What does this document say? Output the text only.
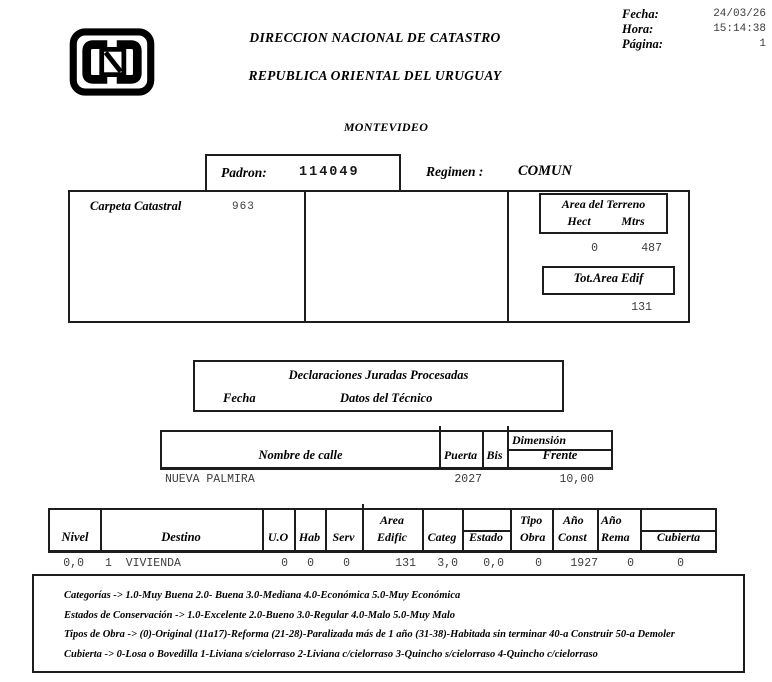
DIRECCION NACIONAL DE CATASTRO
REPUBLICA ORIENTAL DEL URUGUAY
Fecha:	24/03/26
Hora:	15:14:38
Página:	1
MONTEVIDEO
Padron: 114049	Regimen : COMUN
Carpeta Catastral	963	Area del Terreno
Hect	Mtrs
0	487
Tot.Area Edif
131
Declaraciones Juradas Procesadas
Fecha	Datos del Técnico
Nombre de calle	Puerta Bis
Dimensión
Frente
NUEVA PALMIRA	2027	10,00
Nivel	Destino	U.O Hab	Serv
Area
Edific	Categ	Estado
Tipo
Obra
Año
Const
Año
Rema	Cubierta
0,0 1  VIVIENDA	0	0	0	131	3,0	0,0	0	1927	0	0
Categorías -> 1.0-Muy Buena 2.0- Buena 3.0-Mediana 4.0-Económica 5.0-Muy Económica
Estados de Conservación -> 1.0-Excelente 2.0-Bueno 3.0-Regular 4.0-Malo 5.0-Muy Malo
Tipos de Obra -> (0)-Original (11a17)-Reforma (21-28)-Paralizada más de 1 año (31-38)-Habitada sin terminar 40-a Construir 50-a Demoler
Cubierta -> 0-Losa o Bovedilla 1-Liviana s/cielorraso 2-Liviana c/cielorraso 3-Quincho s/cielorraso 4-Quincho c/cielorraso
